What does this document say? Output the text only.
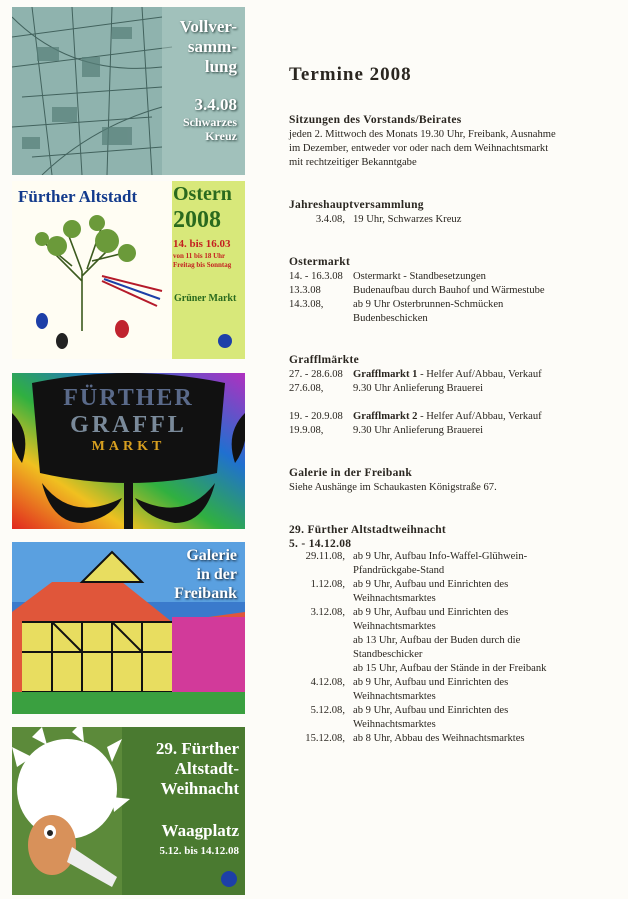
Vollver-
samm-
lung
3.4.08
Schwarzes
Kreuz
Fürther Altstadt Ostern
2008
14. bis 16.03
von 11 bis 18 Uhr
Freitag bis Sonntag
Grüner Markt
FÜRTHER
GRAFFL
MARKT
Galerie
in der
Freibank
29. Fürther
Altstadt-
Weihnacht
Waagplatz
5.12. bis 14.12.08
Termine 2008
Sitzungen des Vorstands/Beirates
jeden 2. Mittwoch des Monats 19.30 Uhr, Freibank, Ausnahme
im Dezember, entweder vor oder nach dem Weihnachtsmarkt
mit rechtzeitiger Bekanntgabe
Jahreshauptversammlung
3.4.08, 19 Uhr, Schwarzes Kreuz
Ostermarkt
14. - 16.3.08 Ostermarkt - Standbesetzungen
13.3.08	Budenaufbau durch Bauhof und Wärmestube
14.3.08,	ab 9 Uhr Osterbrunnen-Schmücken
Budenbeschicken
Grafflmärkte
27. - 28.6.08 Grafflmarkt 1 - Helfer Auf/Abbau, Verkauf
27.6.08,	9.30 Uhr Anlieferung Brauerei
19. - 20.9.08 Grafflmarkt 2 - Helfer Auf/Abbau, Verkauf
19.9.08,	9.30 Uhr Anlieferung Brauerei
Galerie in der Freibank
Siehe Aushänge im Schaukasten Königstraße 67.
29. Fürther Altstadtweihnacht
5. - 14.12.08
29.11.08, ab 9 Uhr, Aufbau Info-Waffel-Glühwein-
Pfandrückgabe-Stand
1.12.08, ab 9 Uhr, Aufbau und Einrichten des
Weihnachtsmarktes
3.12.08, ab 9 Uhr, Aufbau und Einrichten des
Weihnachtsmarktes
ab 13 Uhr, Aufbau der Buden durch die
Standbeschicker
ab 15 Uhr, Aufbau der Stände in der Freibank
4.12.08, ab 9 Uhr, Aufbau und Einrichten des
Weihnachtsmarktes
5.12.08, ab 9 Uhr, Aufbau und Einrichten des
Weihnachtsmarktes
15.12.08, ab 8 Uhr, Abbau des Weihnachtsmarktes
